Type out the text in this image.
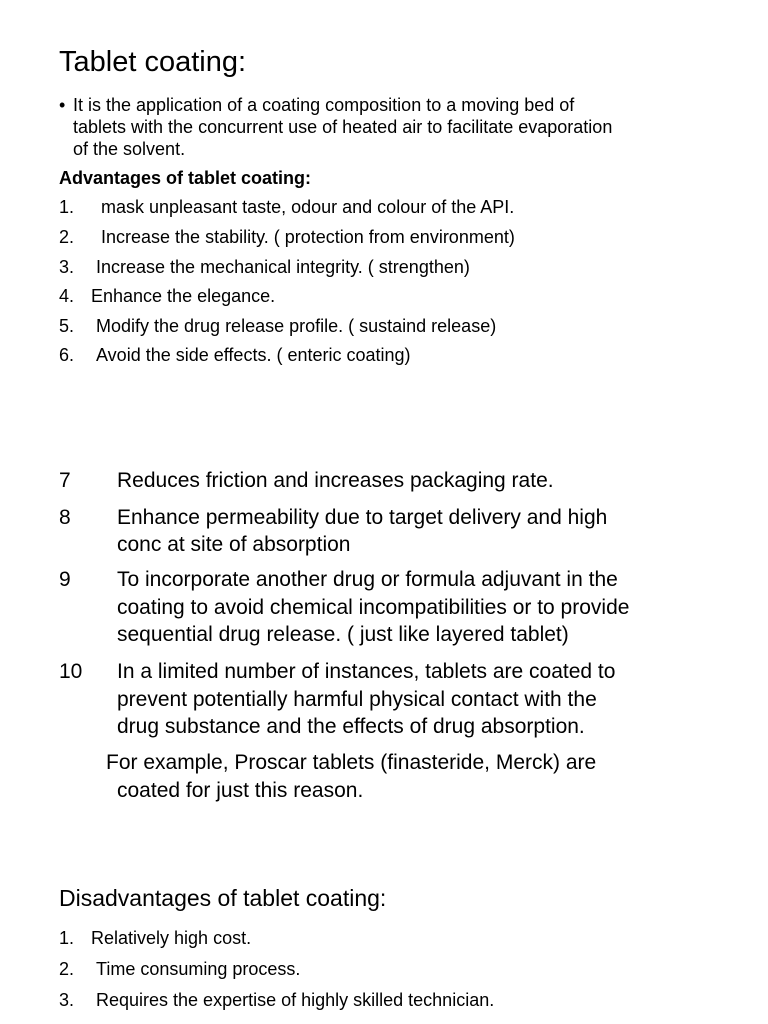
Tablet coating:
• It is the application of a coating composition to a moving bed of
tablets with the concurrent use of heated air to facilitate evaporation
of the solvent.
Advantages of tablet coating:
1. mask unpleasant taste, odour and colour of the API.
2. Increase the stability. ( protection from environment)
3. Increase the mechanical integrity. ( strengthen)
4. Enhance the elegance.
5. Modify the drug release profile. ( sustaind release)
6. Avoid the side effects. ( enteric coating)
7 Reduces friction and increases packaging rate.
8 Enhance permeability due to target delivery and high
conc at site of absorption
9 To incorporate another drug or formula adjuvant in the
coating to avoid chemical incompatibilities or to provide
sequential drug release. ( just like layered tablet)
10 In a limited number of instances, tablets are coated to
prevent potentially harmful physical contact with the
drug substance and the effects of drug absorption.
For example, Proscar tablets (finasteride, Merck) are
coated for just this reason.
Disadvantages of tablet coating:
1. Relatively high cost.
2. Time consuming process.
3. Requires the expertise of highly skilled technician.
